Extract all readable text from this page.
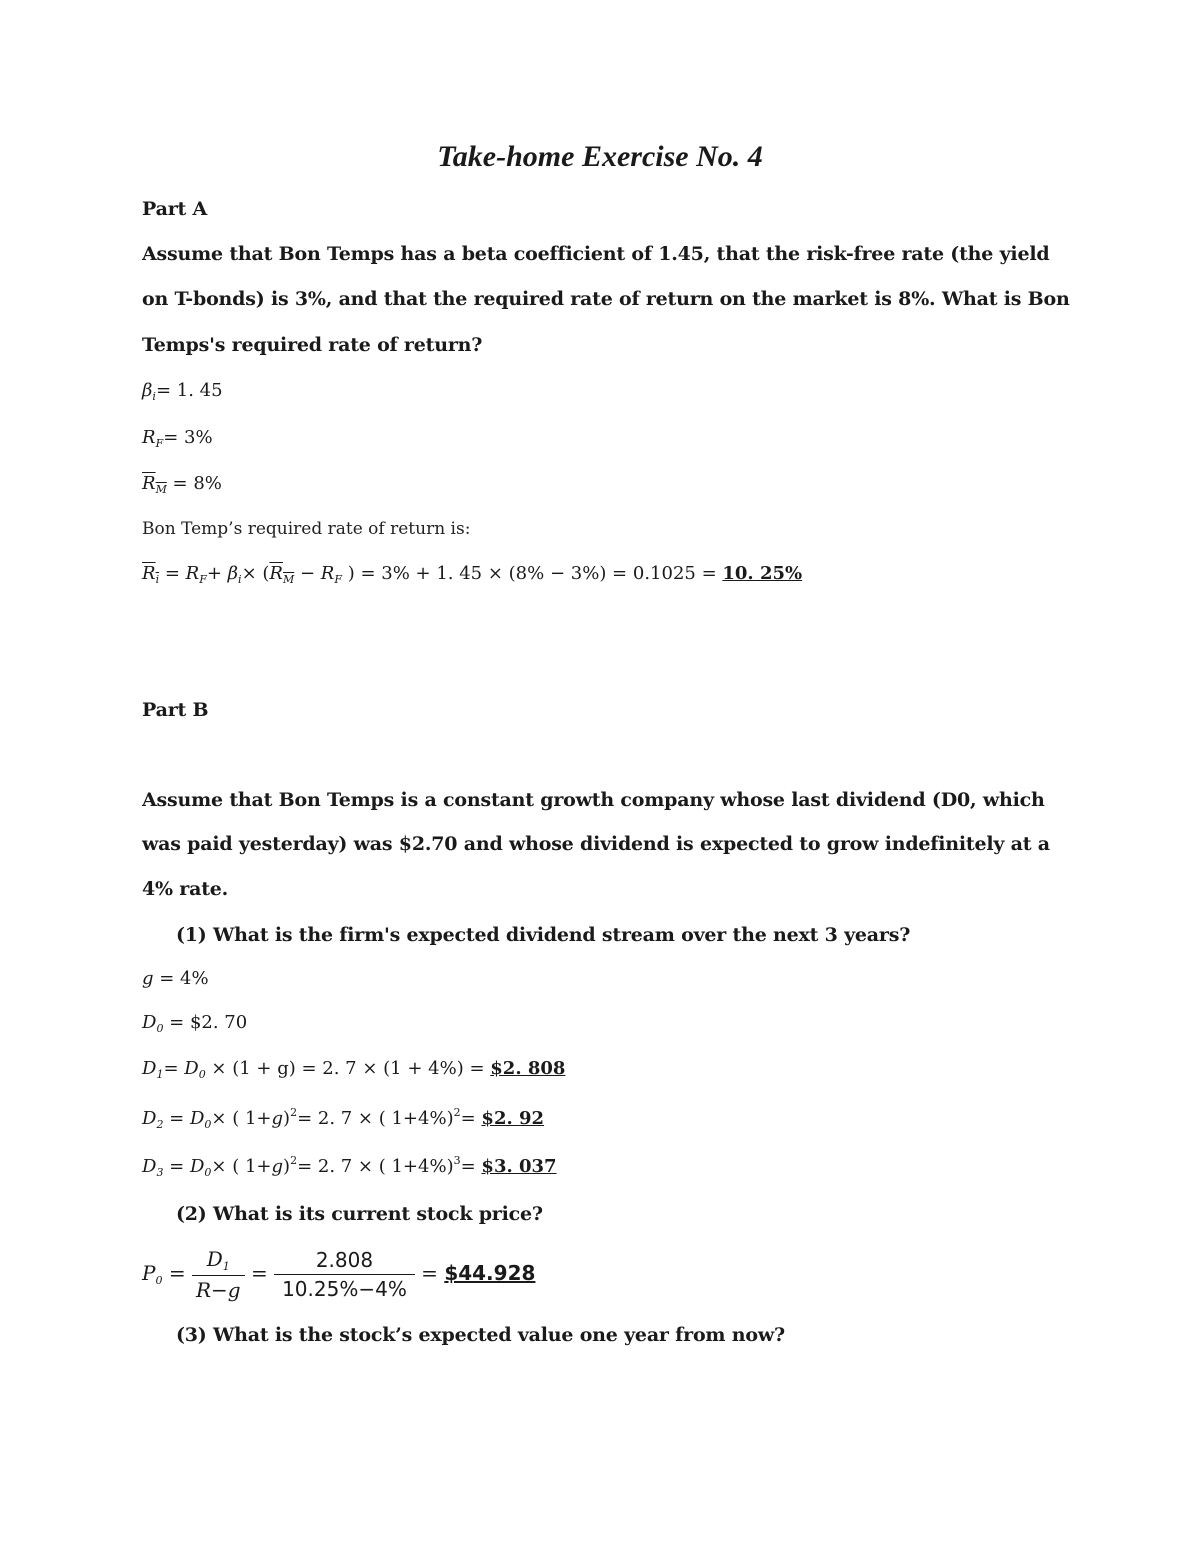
Take-home Exercise No. 4
Part A
Assume that Bon Temps has a beta coefficient of 1.45, that the risk-free rate (the yield
on T-bonds) is 3%, and that the required rate of return on the market is 8%. What is Bon
Temps's required rate of return?
$\beta_i= 1$. 45
$R_F= 3\%$
$R_M = 8\%$
Bon Temp’s required rate of return is:
$R_i = R_F+ \beta_i\times (R_M - R_F$ ) = 3% + 1. 45 × (8% − 3%) = 0.1025 = 10. 25%
Part B
Assume that Bon Temps is a constant growth company whose last dividend (D0, which
was paid yesterday) was $2.70 and whose dividend is expected to grow indefinitely at a
4% rate.
(1) What is the firm's expected dividend stream over the next 3 years?
g = 4%
$D_0$ = $2. 70
$D_1= D_0 \times (1 + g) = 2$. 7 × (1 + 4%) = $2. 808
$D_2 = D_0\times$ ( 1+g)$^2$= 2. 7 × ( 1+4%)$^2$= $2. 92
$D_3 = D_0\times$ ( 1+g)$^2$= 2. 7 × ( 1+4%)$^3$= $3. 037
(2) What is its current stock price?
$P_0 = \frac{D_1}{R-g} = \frac{2.808}{10.25\%-4\%}$ = $44.928
(3) What is the stock’s expected value one year from now?
